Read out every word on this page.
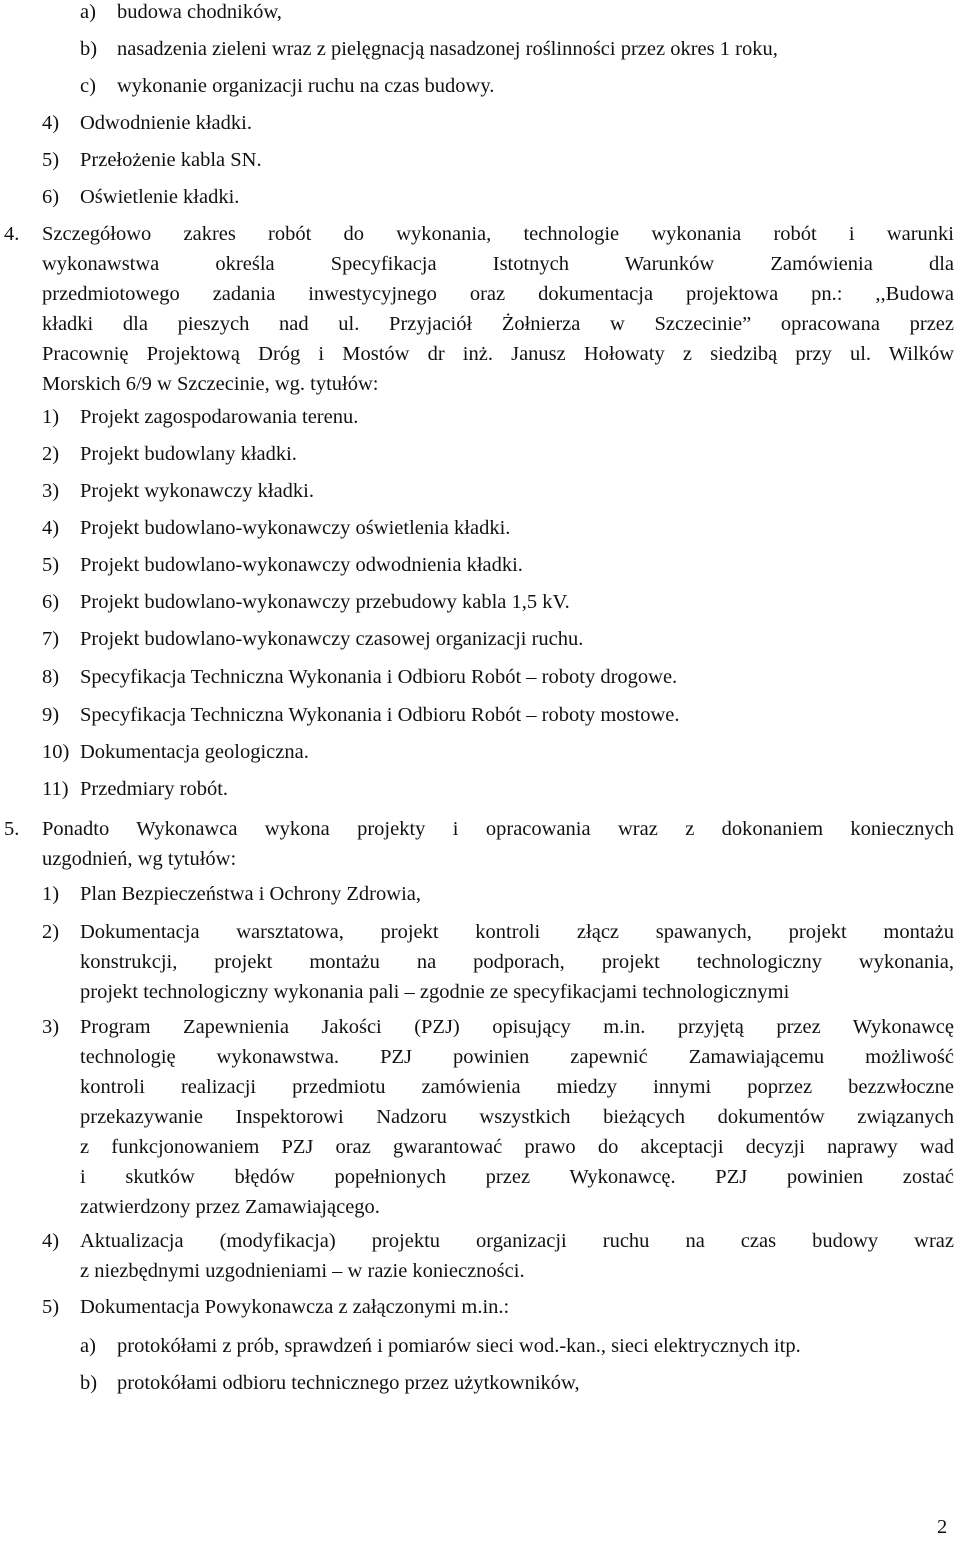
a) budowa chodników,
b) nasadzenia zieleni wraz z pielęgnacją nasadzonej roślinności przez okres 1 roku,
c) wykonanie organizacji ruchu na czas budowy.
4) Odwodnienie kładki.
5) Przełożenie kabla SN.
6) Oświetlenie kładki.
4. Szczegółowo zakres robót do wykonania, technologie wykonania robót i warunki
wykonawstwa określa Specyfikacja Istotnych Warunków Zamówienia dla
przedmiotowego zadania inwestycyjnego oraz dokumentacja projektowa pn.: ,,Budowa
kładki dla pieszych nad ul. Przyjaciół Żołnierza w Szczecinie” opracowana przez
Pracownię Projektową Dróg i Mostów dr inż. Janusz Hołowaty z siedzibą przy ul. Wilków
Morskich 6/9 w Szczecinie, wg. tytułów:
1) Projekt zagospodarowania terenu.
2) Projekt budowlany kładki.
3) Projekt wykonawczy kładki.
4) Projekt budowlano-wykonawczy oświetlenia kładki.
5) Projekt budowlano-wykonawczy odwodnienia kładki.
6) Projekt budowlano-wykonawczy przebudowy kabla 1,5 kV.
7) Projekt budowlano-wykonawczy czasowej organizacji ruchu.
8) Specyfikacja Techniczna Wykonania i Odbioru Robót – roboty drogowe.
9) Specyfikacja Techniczna Wykonania i Odbioru Robót – roboty mostowe.
10) Dokumentacja geologiczna.
11) Przedmiary robót.
5. Ponadto Wykonawca wykona projekty i opracowania wraz z dokonaniem koniecznych
uzgodnień, wg tytułów:
1) Plan Bezpieczeństwa i Ochrony Zdrowia,
2) Dokumentacja warsztatowa, projekt kontroli złącz spawanych, projekt montażu
konstrukcji, projekt montażu na podporach, projekt technologiczny wykonania,
projekt technologiczny wykonania pali – zgodnie ze specyfikacjami technologicznymi
3) Program Zapewnienia Jakości (PZJ) opisujący m.in. przyjętą przez Wykonawcę
technologię wykonawstwa. PZJ powinien zapewnić Zamawiającemu możliwość
kontroli realizacji przedmiotu zamówienia miedzy innymi poprzez bezzwłoczne
przekazywanie Inspektorowi Nadzoru wszystkich bieżących dokumentów związanych
z funkcjonowaniem PZJ oraz gwarantować prawo do akceptacji decyzji naprawy wad
i skutków błędów popełnionych przez Wykonawcę. PZJ powinien zostać
zatwierdzony przez Zamawiającego.
4) Aktualizacja (modyfikacja) projektu organizacji ruchu na czas budowy wraz
z niezbędnymi uzgodnieniami – w razie konieczności.
5) Dokumentacja Powykonawcza z załączonymi m.in.:
a) protokółami z prób, sprawdzeń i pomiarów sieci wod.-kan., sieci elektrycznych itp.
b) protokółami odbioru technicznego przez użytkowników,
2
